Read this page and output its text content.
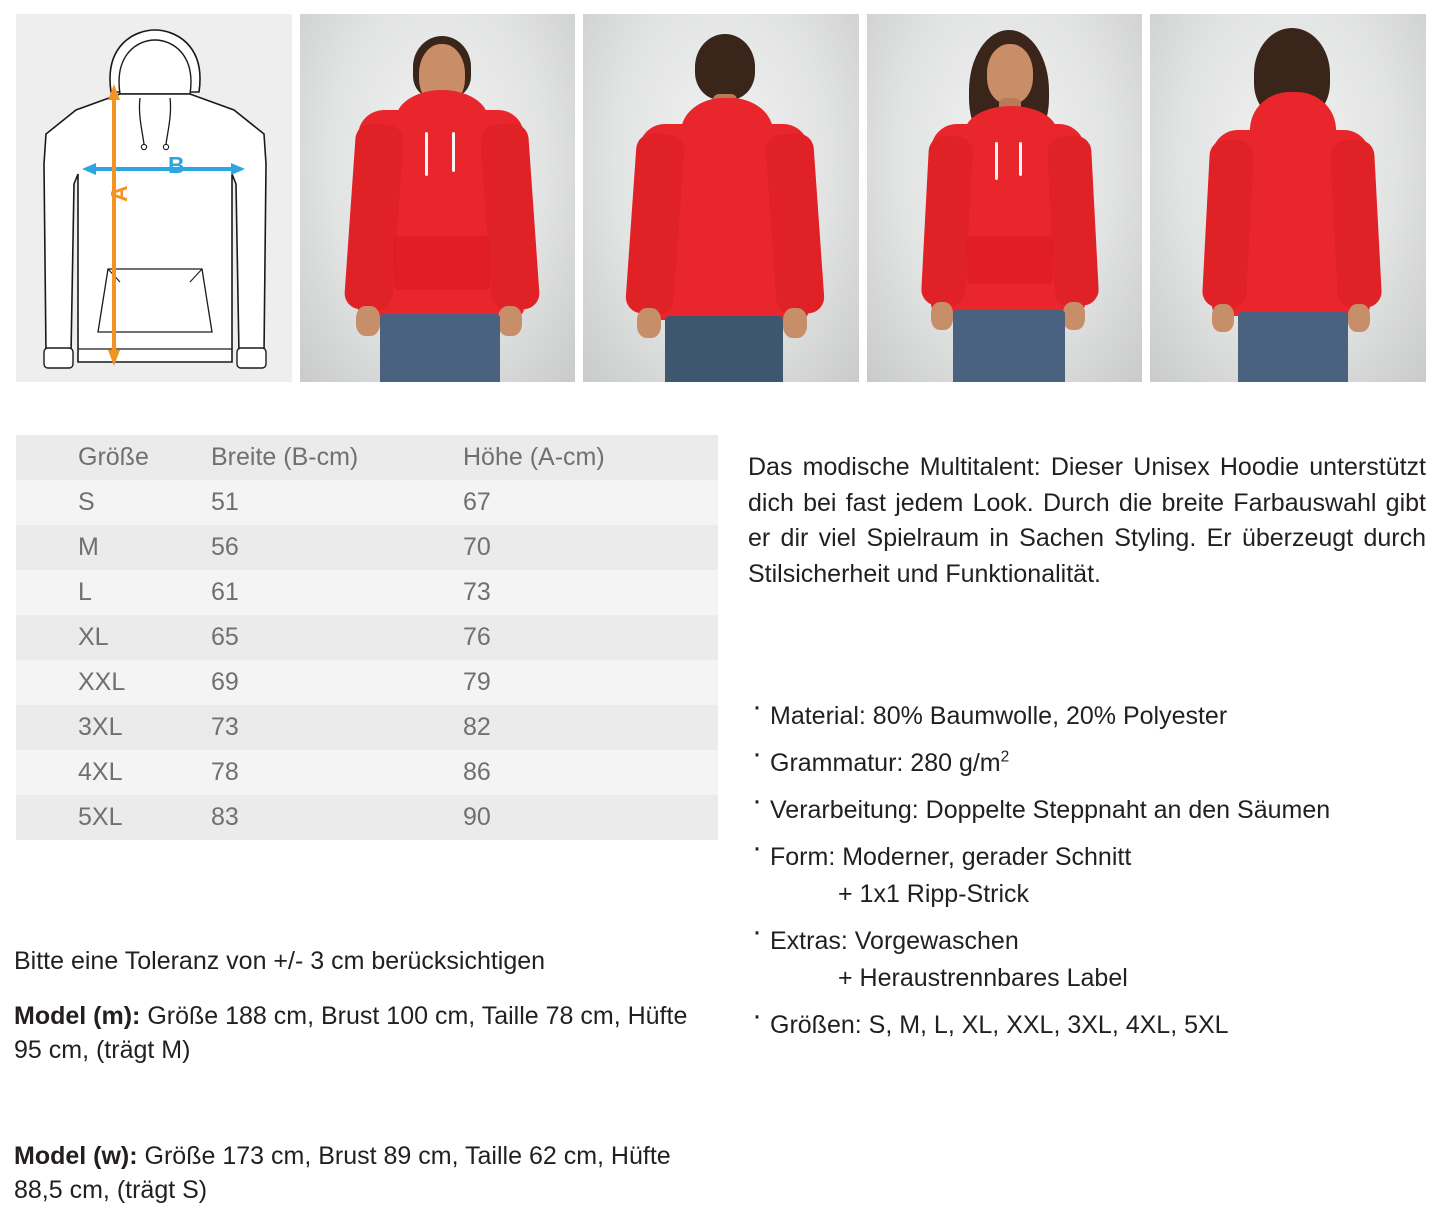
B
A
Größe	Breite (B-cm)	Höhe (A-cm)
S	51	67
M	56	70
L	61	73
XL	65	76
XXL	69	79
3XL	73	82
4XL	78	86
5XL	83	90
Bitte eine Toleranz von +/- 3 cm berücksichtigen
Model (m): Größe 188 cm, Brust 100 cm, Taille 78 cm, Hüfte 95 cm, (trägt M)
Model (w): Größe 173 cm, Brust 89 cm, Taille 62 cm, Hüfte 88,5 cm, (trägt S)
Das modische Multitalent: Dieser Unisex Hoodie unterstützt dich bei fast jedem Look. Durch die breite Farbauswahl gibt er dir viel Spielraum in Sachen Styling. Er überzeugt durch Stilsicherheit und Funktionalität.
· Material: 80% Baumwolle, 20% Polyester
· Grammatur: 280 $g/m^2$
· Verarbeitung: Doppelte Steppnaht an den Säumen
· Form: Moderner, gerader Schnitt
+ 1x1 Ripp-Strick
· Extras: Vorgewaschen
+ Heraustrennbares Label
· Größen: S, M, L, XL, XXL, 3XL, 4XL, 5XL
